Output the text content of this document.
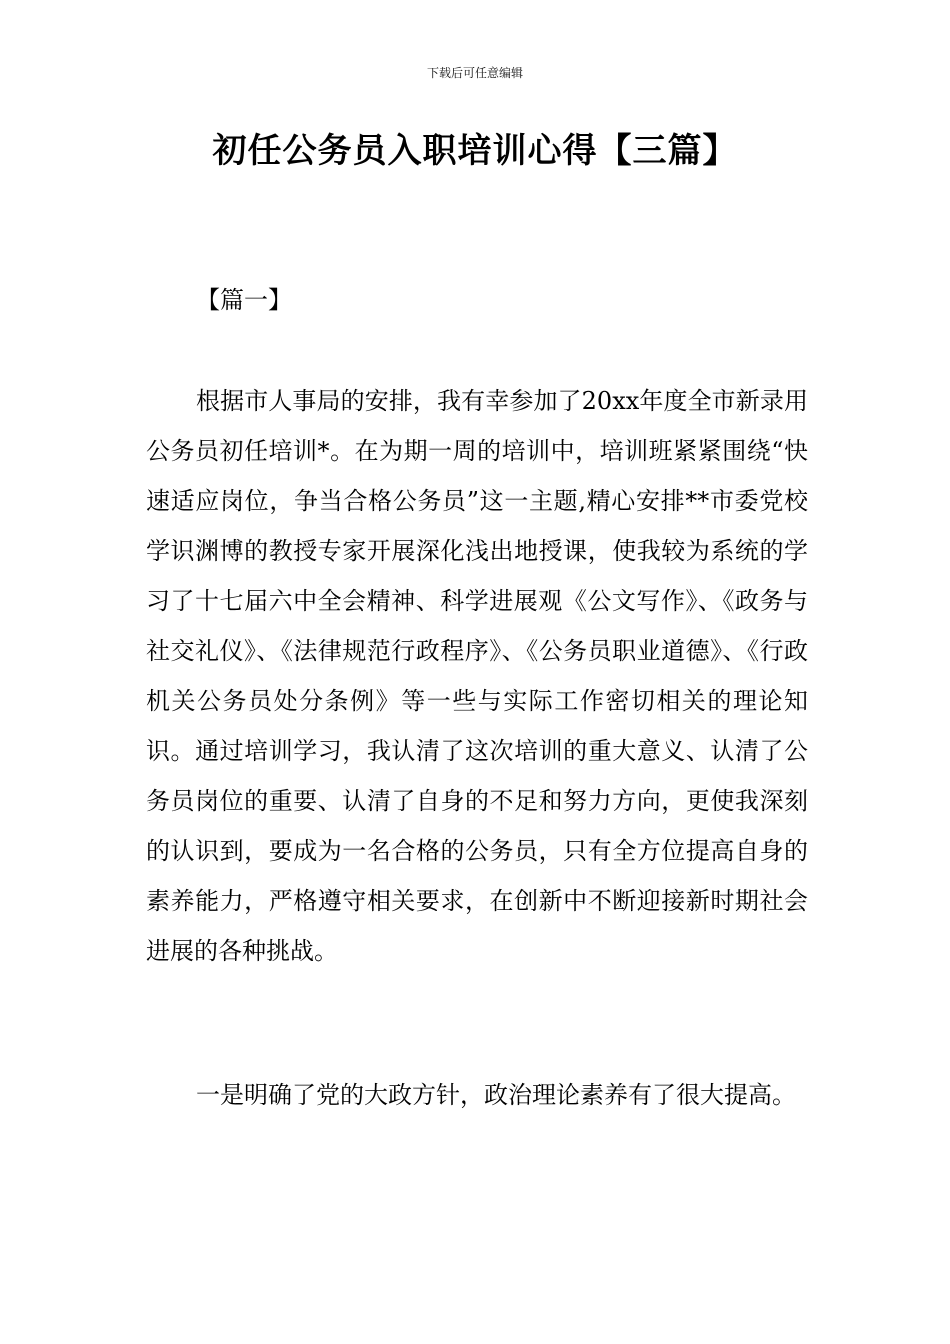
下载后可任意编辑
初任公务员入职培训心得【三篇】
【篇一】

根据市人事局的安排，我有幸参加了20xx年度全市新录用公务员初任培训*。在为期一周的培训中，培训班紧紧围绕“快速适应岗位，争当合格公务员”这一主题,精心安排**市委党校学识渊博的教授专家开展深化浅出地授课，使我较为系统的学习了十七届六中全会精神、科学进展观《公文写作》、《政务与社交礼仪》、《法律规范行政程序》、《公务员职业道德》、《行政机关公务员处分条例》等一些与实际工作密切相关的理论知识。通过培训学习，我认清了这次培训的重大意义、认清了公务员岗位的重要、认清了自身的不足和努力方向，更使我深刻的认识到，要成为一名合格的公务员，只有全方位提高自身的素养能力，严格遵守相关要求，在创新中不断迎接新时期社会进展的各种挑战。

一是明确了党的大政方针，政治理论素养有了很大提高。
